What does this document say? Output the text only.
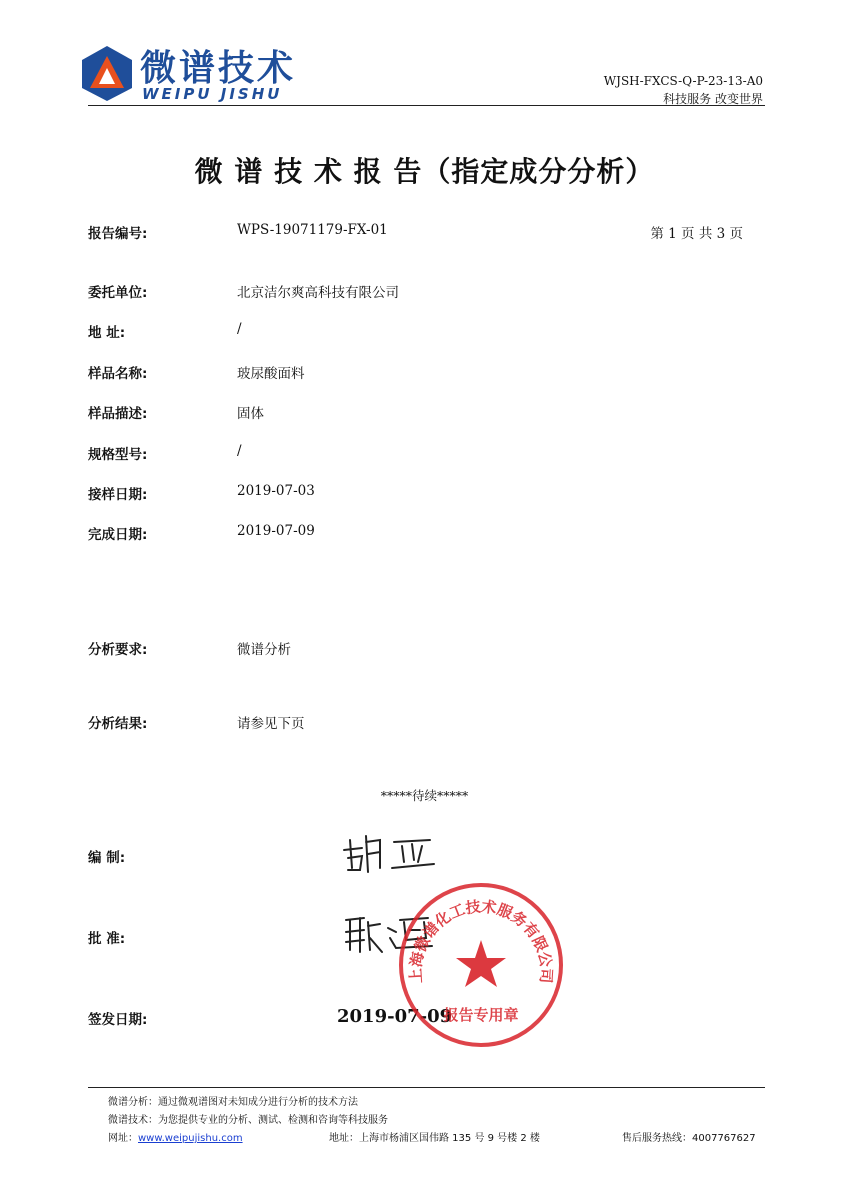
微谱技术
WEIPU JISHU
WJSH-FXCS-Q-P-23-13-A0
科技服务 改变世界
微 谱 技 术 报 告（指定成分分析）
报告编号:	WPS-19071179-FX-01	第 1 页 共 3 页
委托单位:	北京洁尔爽高科技有限公司
地 址:	/
样品名称:	玻尿酸面料
样品描述:	固体
规格型号:	/
接样日期:	2019-07-03
完成日期:	2019-07-09
分析要求:	微谱分析
分析结果:	请参见下页
*****待续*****
编 制:
批 准:
签发日期:	2019-07-09
上海微谱化工技术服务有限公司
报告专用章
微谱分析：通过微观谱图对未知成分进行分析的技术方法
微谱技术：为您提供专业的分析、测试、检测和咨询等科技服务
网址：www.weipujishu.com	地址：上海市杨浦区国伟路 135 号 9 号楼 2 楼	售后服务热线：4007767627
